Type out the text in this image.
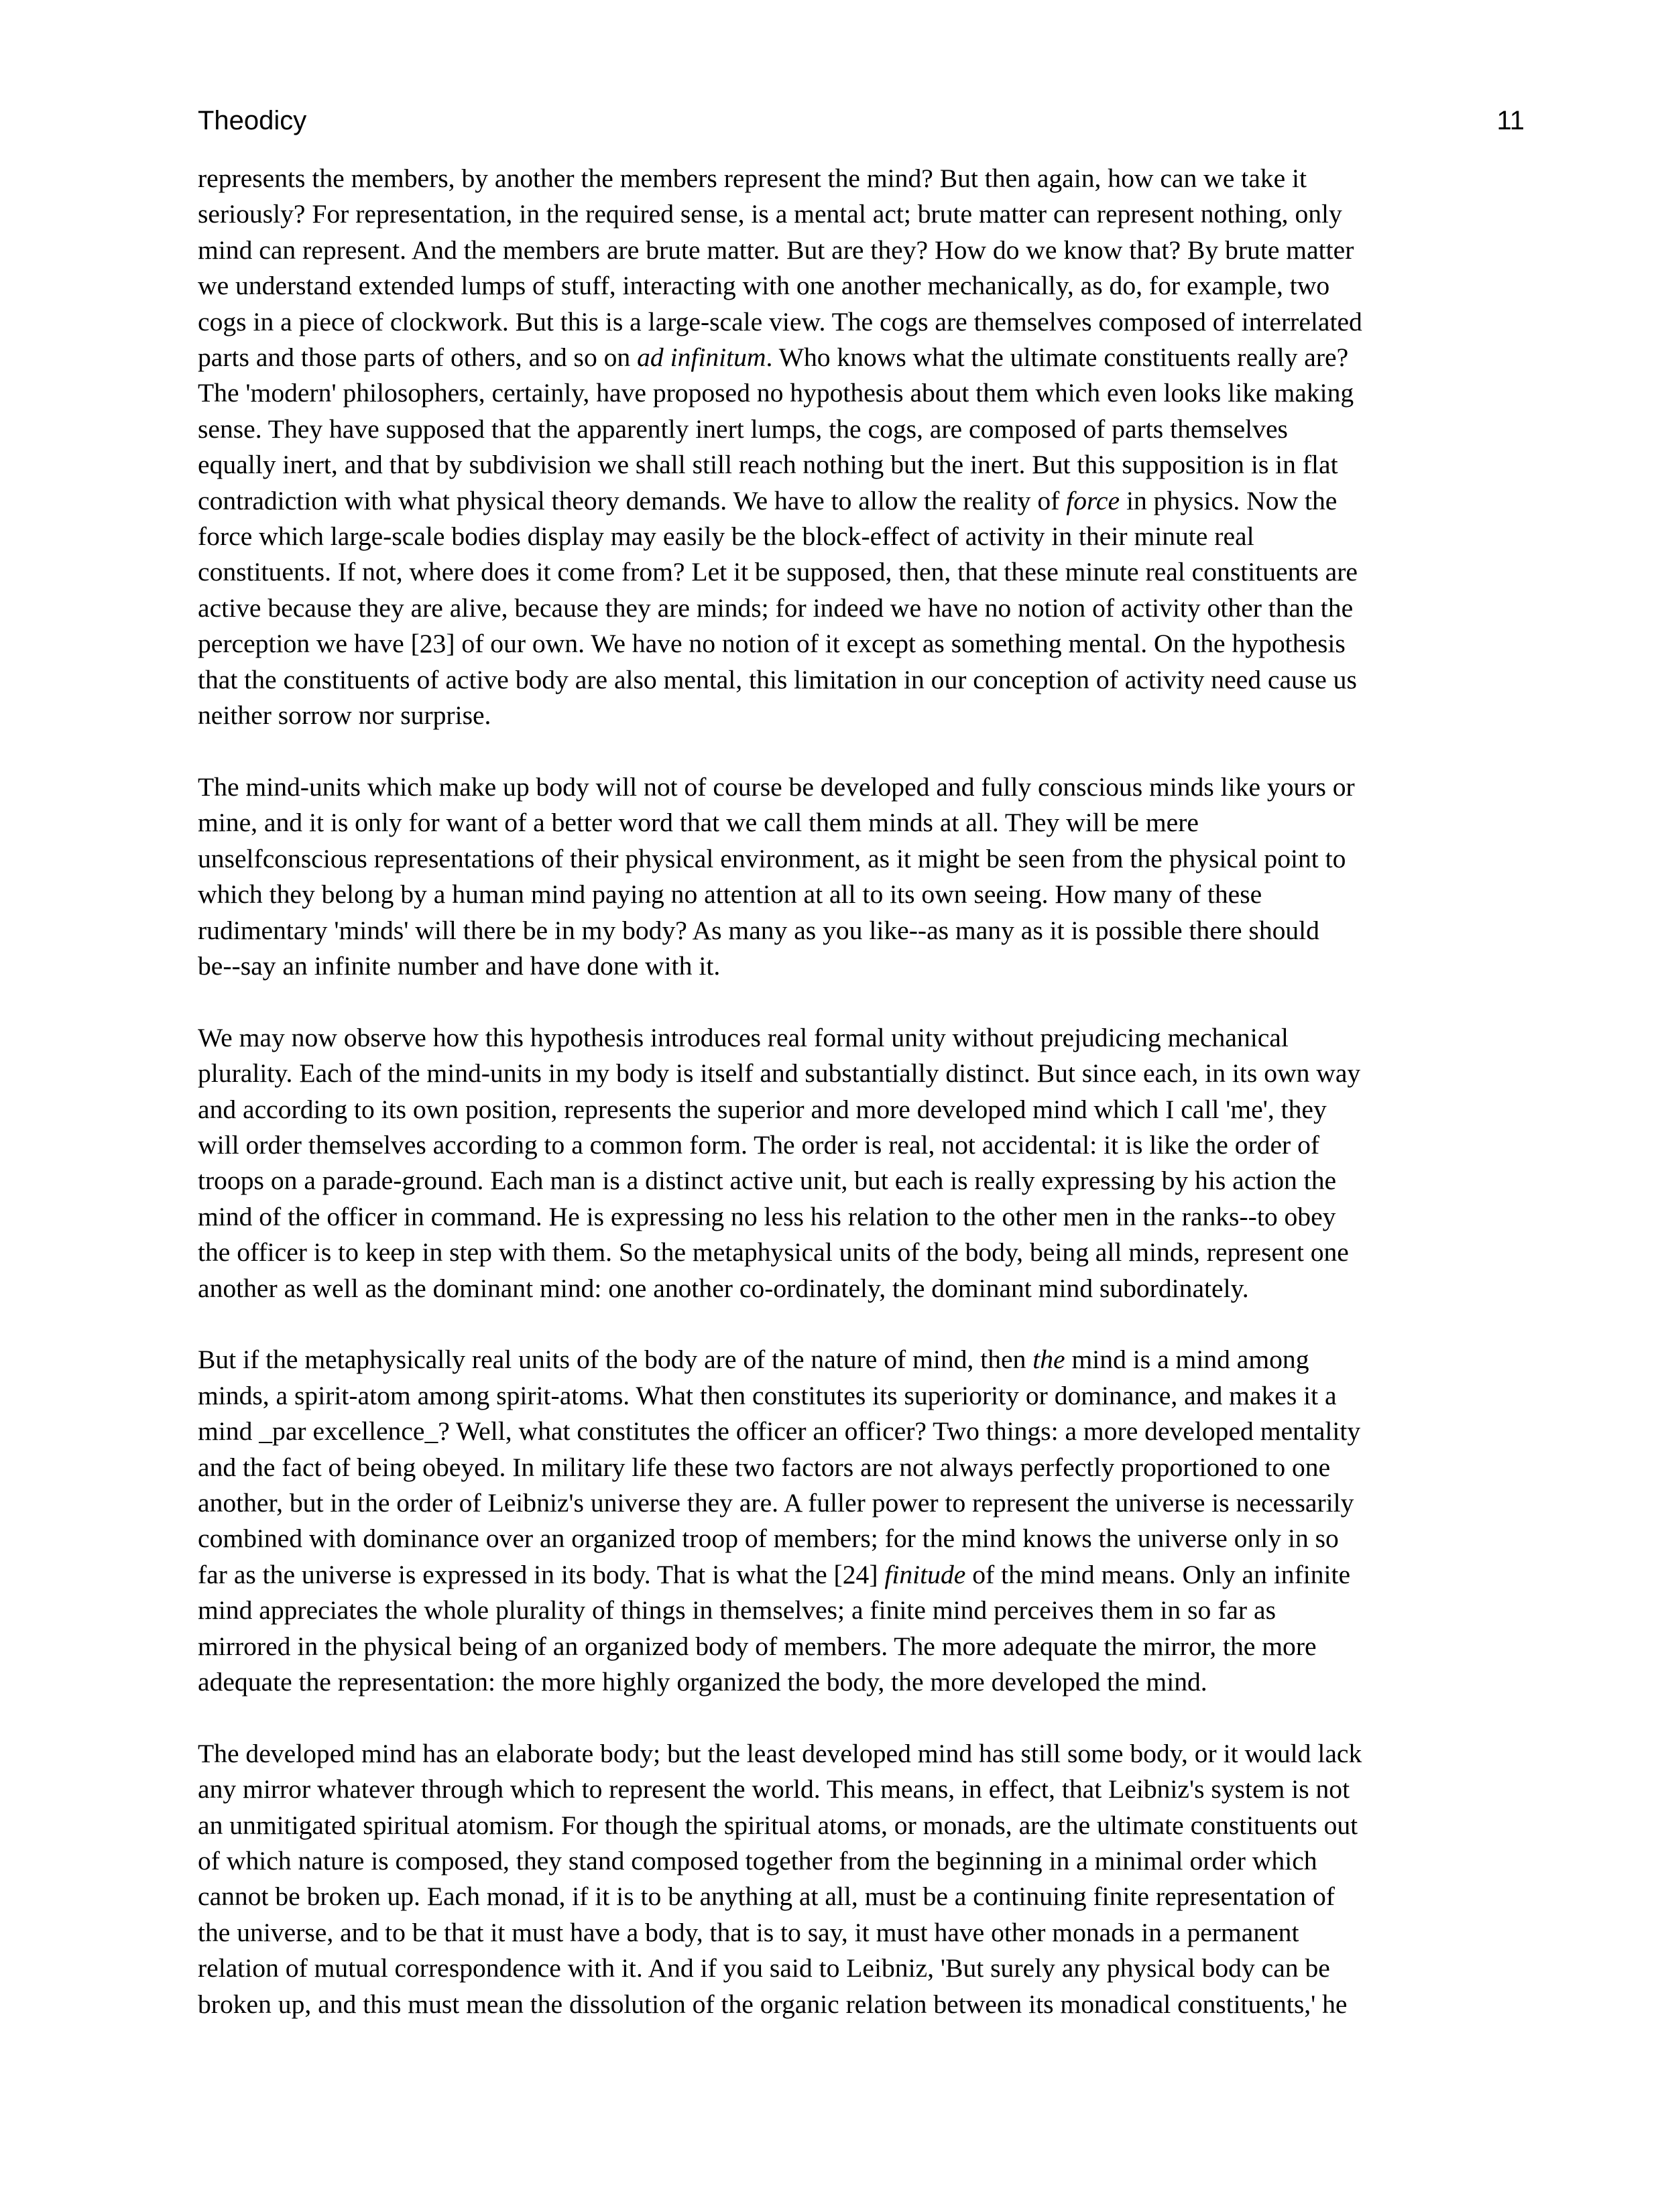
Theodicy	11

represents the members, by another the members represent the mind? But then again, how can we take it
seriously? For representation, in the required sense, is a mental act; brute matter can represent nothing, only
mind can represent. And the members are brute matter. But are they? How do we know that? By brute matter
we understand extended lumps of stuff, interacting with one another mechanically, as do, for example, two
cogs in a piece of clockwork. But this is a large-scale view. The cogs are themselves composed of interrelated
parts and those parts of others, and so on ad infinitum. Who knows what the ultimate constituents really are?
The 'modern' philosophers, certainly, have proposed no hypothesis about them which even looks like making
sense. They have supposed that the apparently inert lumps, the cogs, are composed of parts themselves
equally inert, and that by subdivision we shall still reach nothing but the inert. But this supposition is in flat
contradiction with what physical theory demands. We have to allow the reality of force in physics. Now the
force which large-scale bodies display may easily be the block-effect of activity in their minute real
constituents. If not, where does it come from? Let it be supposed, then, that these minute real constituents are
active because they are alive, because they are minds; for indeed we have no notion of activity other than the
perception we have [23] of our own. We have no notion of it except as something mental. On the hypothesis
that the constituents of active body are also mental, this limitation in our conception of activity need cause us
neither sorrow nor surprise.

The mind-units which make up body will not of course be developed and fully conscious minds like yours or
mine, and it is only for want of a better word that we call them minds at all. They will be mere
unselfconscious representations of their physical environment, as it might be seen from the physical point to
which they belong by a human mind paying no attention at all to its own seeing. How many of these
rudimentary 'minds' will there be in my body? As many as you like--as many as it is possible there should
be--say an infinite number and have done with it.

We may now observe how this hypothesis introduces real formal unity without prejudicing mechanical
plurality. Each of the mind-units in my body is itself and substantially distinct. But since each, in its own way
and according to its own position, represents the superior and more developed mind which I call 'me', they
will order themselves according to a common form. The order is real, not accidental: it is like the order of
troops on a parade-ground. Each man is a distinct active unit, but each is really expressing by his action the
mind of the officer in command. He is expressing no less his relation to the other men in the ranks--to obey
the officer is to keep in step with them. So the metaphysical units of the body, being all minds, represent one
another as well as the dominant mind: one another co-ordinately, the dominant mind subordinately.

But if the metaphysically real units of the body are of the nature of mind, then the mind is a mind among
minds, a spirit-atom among spirit-atoms. What then constitutes its superiority or dominance, and makes it a
mind _par excellence_? Well, what constitutes the officer an officer? Two things: a more developed mentality
and the fact of being obeyed. In military life these two factors are not always perfectly proportioned to one
another, but in the order of Leibniz's universe they are. A fuller power to represent the universe is necessarily
combined with dominance over an organized troop of members; for the mind knows the universe only in so
far as the universe is expressed in its body. That is what the [24] finitude of the mind means. Only an infinite
mind appreciates the whole plurality of things in themselves; a finite mind perceives them in so far as
mirrored in the physical being of an organized body of members. The more adequate the mirror, the more
adequate the representation: the more highly organized the body, the more developed the mind.

The developed mind has an elaborate body; but the least developed mind has still some body, or it would lack
any mirror whatever through which to represent the world. This means, in effect, that Leibniz's system is not
an unmitigated spiritual atomism. For though the spiritual atoms, or monads, are the ultimate constituents out
of which nature is composed, they stand composed together from the beginning in a minimal order which
cannot be broken up. Each monad, if it is to be anything at all, must be a continuing finite representation of
the universe, and to be that it must have a body, that is to say, it must have other monads in a permanent
relation of mutual correspondence with it. And if you said to Leibniz, 'But surely any physical body can be
broken up, and this must mean the dissolution of the organic relation between its monadical constituents,' he
